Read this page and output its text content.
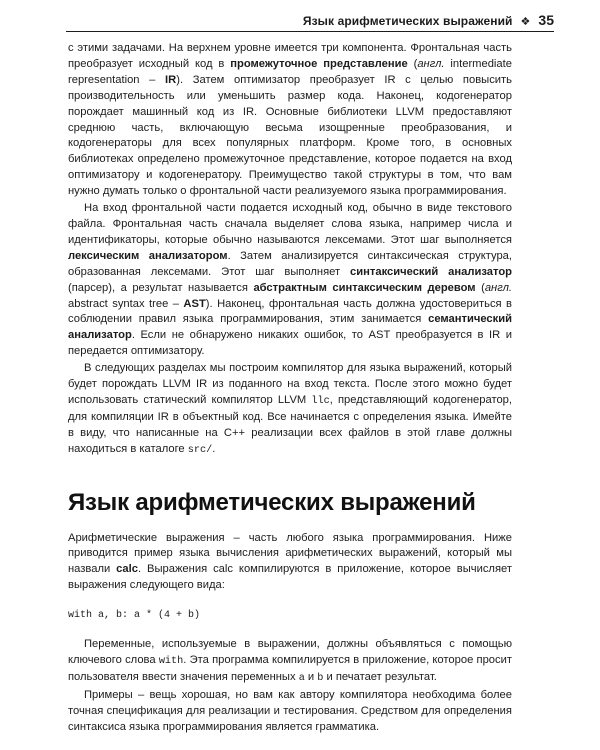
Язык арифметических выражений ❖ 35

с этими задачами. На верхнем уровне имеется три компонента. Фронтальная часть преобразует исходный код в промежуточное представление (англ. intermediate representation – IR). Затем оптимизатор преобразует IR с целью повысить производительность или уменьшить размер кода. Наконец, кодогенератор порождает машинный код из IR. Основные библиотеки LLVM предоставляют среднюю часть, включающую весьма изощренные преобразования, и кодогенераторы для всех популярных платформ. Кроме того, в основных библиотеках определено промежуточное представление, которое подается на вход оптимизатору и кодогенератору. Преимущество такой структуры в том, что вам нужно думать только о фронтальной части реализуемого языка программирования.

На вход фронтальной части подается исходный код, обычно в виде текстового файла. Фронтальная часть сначала выделяет слова языка, например числа и идентификаторы, которые обычно называются лексемами. Этот шаг выполняется лексическим анализатором. Затем анализируется синтаксическая структура, образованная лексемами. Этот шаг выполняет синтаксический анализатор (парсер), а результат называется абстрактным синтаксическим деревом (англ. abstract syntax tree – AST). Наконец, фронтальная часть должна удостовериться в соблюдении правил языка программирования, этим занимается семантический анализатор. Если не обнаружено никаких ошибок, то AST преобразуется в IR и передается оптимизатору.

В следующих разделах мы построим компилятор для языка выражений, который будет порождать LLVM IR из поданного на вход текста. После этого можно будет использовать статический компилятор LLVM llc, представляющий кодогенератор, для компиляции IR в объектный код. Все начинается с определения языка. Имейте в виду, что написанные на C++ реализации всех файлов в этой главе должны находиться в каталоге src/.

Язык арифметических выражений

Арифметические выражения – часть любого языка программирования. Ниже приводится пример языка вычисления арифметических выражений, который мы назвали calc. Выражения calc компилируются в приложение, которое вычисляет выражения следующего вида:

with a, b: a * (4 + b)

Переменные, используемые в выражении, должны объявляться с помощью ключевого слова with. Эта программа компилируется в приложение, которое просит пользователя ввести значения переменных a и b и печатает результат.

Примеры – вещь хорошая, но вам как автору компилятора необходима более точная спецификация для реализации и тестирования. Средством для определения синтаксиса языка программирования является грамматика.
